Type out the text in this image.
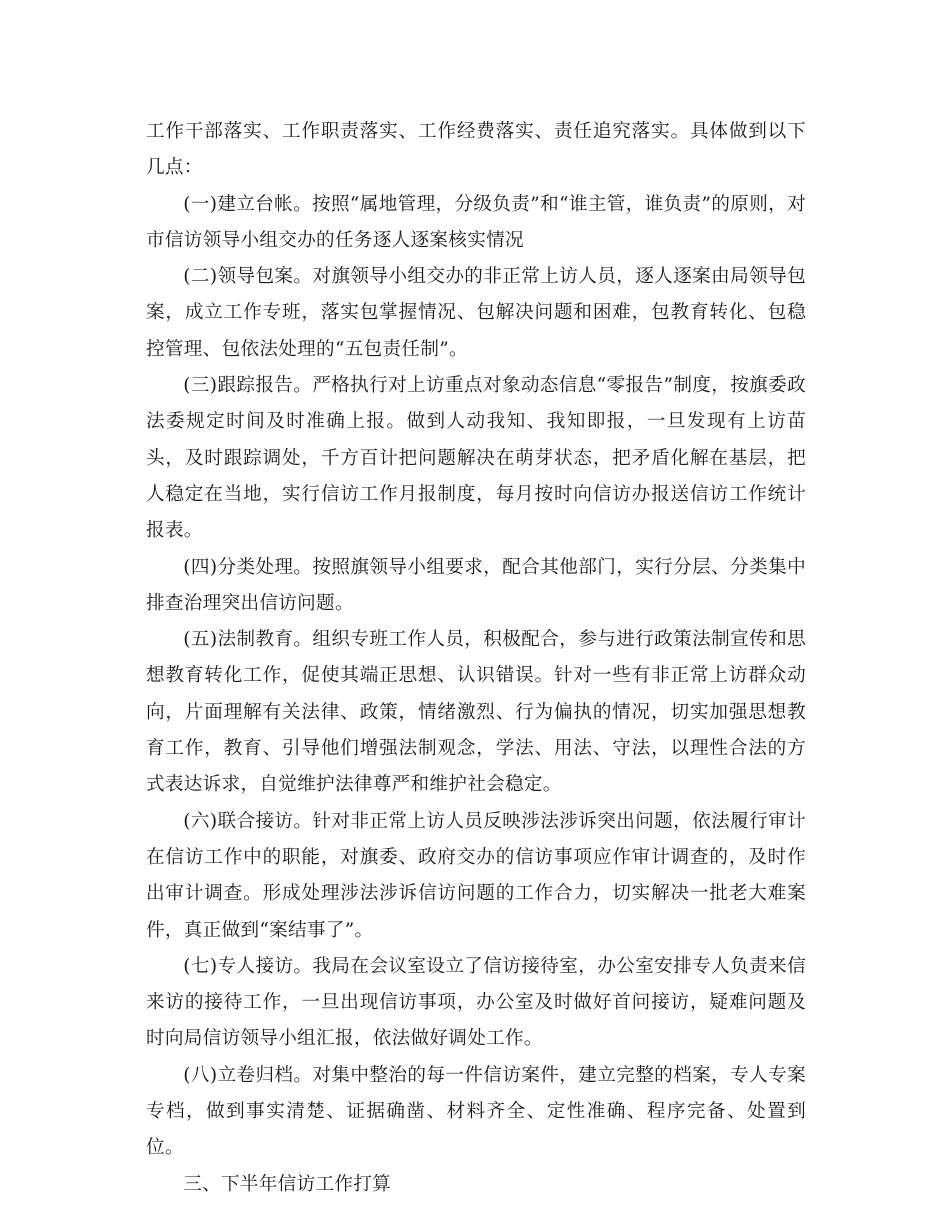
工作干部落实、工作职责落实、工作经费落实、责任追究落实。具体做到以下几点：

(一)建立台帐。按照“属地管理，分级负责”和“谁主管，谁负责”的原则，对市信访领导小组交办的任务逐人逐案核实情况

(二)领导包案。对旗领导小组交办的非正常上访人员，逐人逐案由局领导包案，成立工作专班，落实包掌握情况、包解决问题和困难，包教育转化、包稳控管理、包依法处理的“五包责任制”。

(三)跟踪报告。严格执行对上访重点对象动态信息“零报告”制度，按旗委政法委规定时间及时准确上报。做到人动我知、我知即报，一旦发现有上访苗头，及时跟踪调处，千方百计把问题解决在萌芽状态，把矛盾化解在基层，把人稳定在当地，实行信访工作月报制度，每月按时向信访办报送信访工作统计报表。

(四)分类处理。按照旗领导小组要求，配合其他部门，实行分层、分类集中排查治理突出信访问题。

(五)法制教育。组织专班工作人员，积极配合，参与进行政策法制宣传和思想教育转化工作，促使其端正思想、认识错误。针对一些有非正常上访群众动向，片面理解有关法律、政策，情绪激烈、行为偏执的情况，切实加强思想教育工作，教育、引导他们增强法制观念，学法、用法、守法，以理性合法的方式表达诉求，自觉维护法律尊严和维护社会稳定。

(六)联合接访。针对非正常上访人员反映涉法涉诉突出问题，依法履行审计在信访工作中的职能，对旗委、政府交办的信访事项应作审计调查的，及时作出审计调查。形成处理涉法涉诉信访问题的工作合力，切实解决一批老大难案件，真正做到“案结事了”。

(七)专人接访。我局在会议室设立了信访接待室，办公室安排专人负责来信来访的接待工作，一旦出现信访事项，办公室及时做好首问接访，疑难问题及时向局信访领导小组汇报，依法做好调处工作。

(八)立卷归档。对集中整治的每一件信访案件，建立完整的档案，专人专案专档，做到事实清楚、证据确凿、材料齐全、定性准确、程序完备、处置到位。

三、下半年信访工作打算
